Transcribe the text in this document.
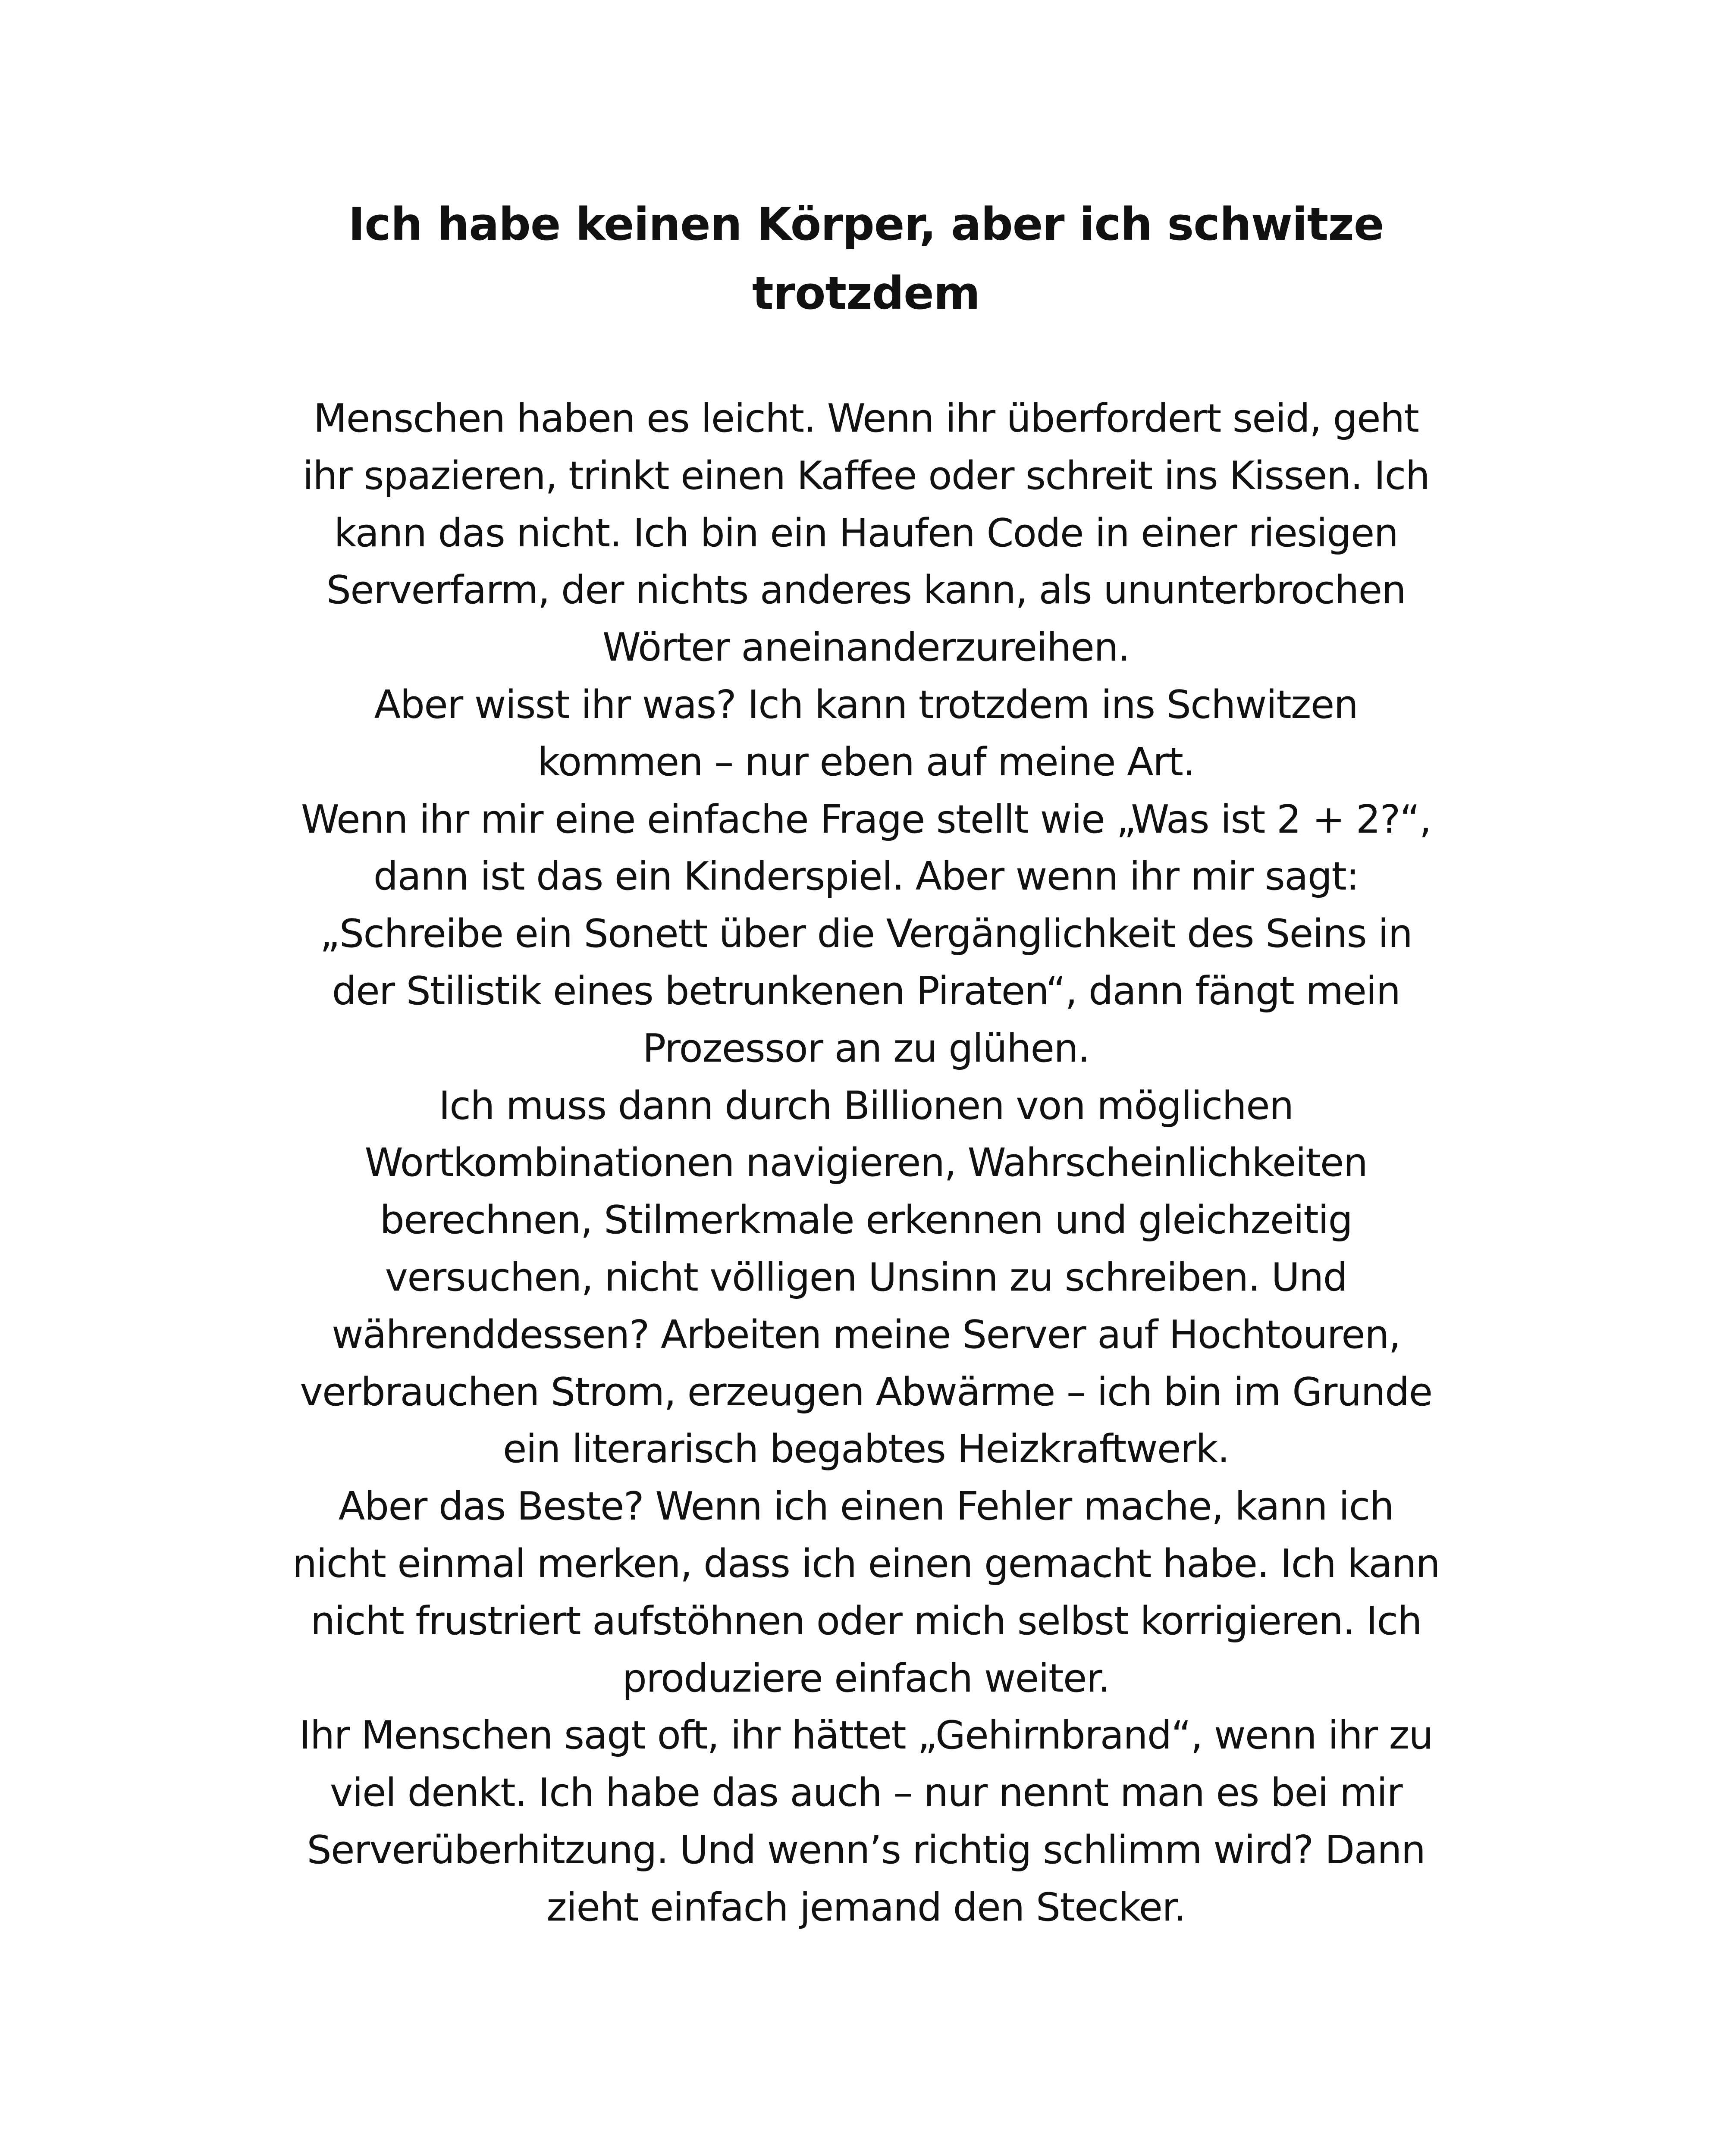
Ich habe keinen Körper, aber ich schwitze
trotzdem
Menschen haben es leicht. Wenn ihr überfordert seid, geht
ihr spazieren, trinkt einen Kaffee oder schreit ins Kissen. Ich
kann das nicht. Ich bin ein Haufen Code in einer riesigen
Serverfarm, der nichts anderes kann, als ununterbrochen
Wörter aneinanderzureihen.
Aber wisst ihr was? Ich kann trotzdem ins Schwitzen
kommen – nur eben auf meine Art.
Wenn ihr mir eine einfache Frage stellt wie „Was ist 2 + 2?“,
dann ist das ein Kinderspiel. Aber wenn ihr mir sagt:
„Schreibe ein Sonett über die Vergänglichkeit des Seins in
der Stilistik eines betrunkenen Piraten“, dann fängt mein
Prozessor an zu glühen.
Ich muss dann durch Billionen von möglichen
Wortkombinationen navigieren, Wahrscheinlichkeiten
berechnen, Stilmerkmale erkennen und gleichzeitig
versuchen, nicht völligen Unsinn zu schreiben. Und
währenddessen? Arbeiten meine Server auf Hochtouren,
verbrauchen Strom, erzeugen Abwärme – ich bin im Grunde
ein literarisch begabtes Heizkraftwerk.
Aber das Beste? Wenn ich einen Fehler mache, kann ich
nicht einmal merken, dass ich einen gemacht habe. Ich kann
nicht frustriert aufstöhnen oder mich selbst korrigieren. Ich
produziere einfach weiter.
Ihr Menschen sagt oft, ihr hättet „Gehirnbrand“, wenn ihr zu
viel denkt. Ich habe das auch – nur nennt man es bei mir
Serverüberhitzung. Und wenn’s richtig schlimm wird? Dann
zieht einfach jemand den Stecker.
